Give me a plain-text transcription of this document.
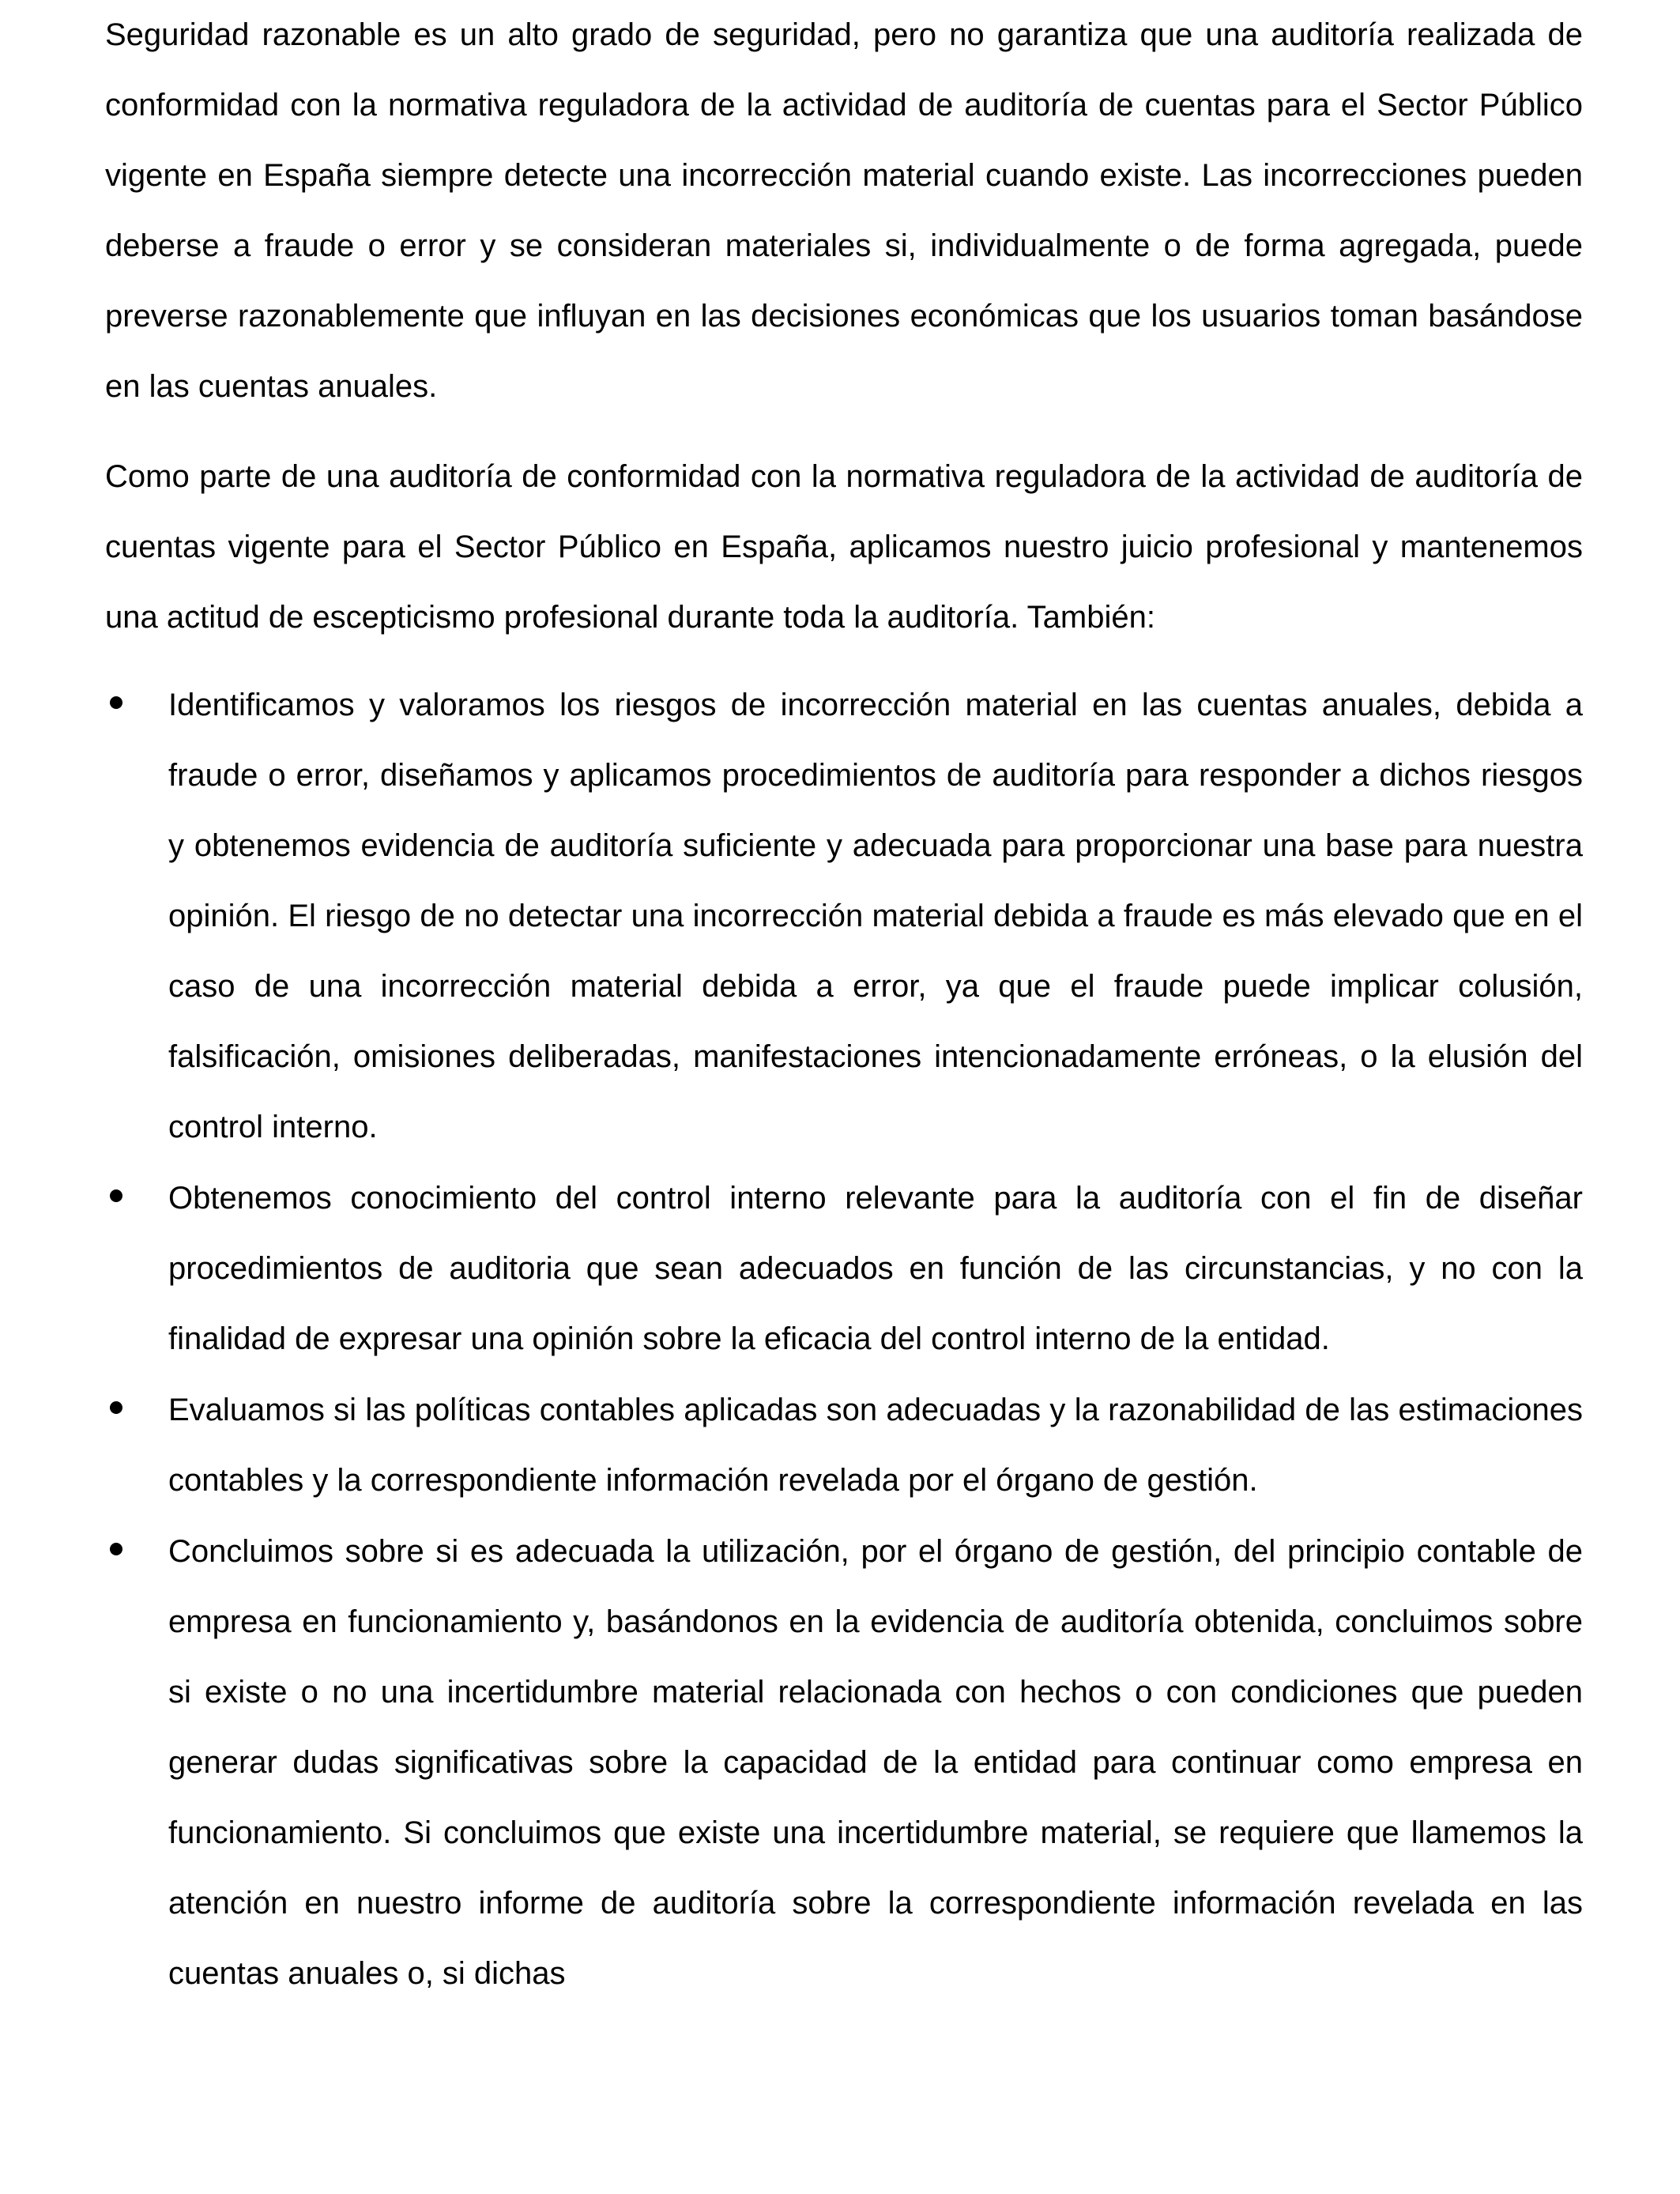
Seguridad razonable es un alto grado de seguridad, pero no garantiza que una auditoría realizada de conformidad con la normativa reguladora de la actividad de auditoría de cuentas para el Sector Público vigente en España siempre detecte una incorrección material cuando existe. Las incorrecciones pueden deberse a fraude o error y se consideran materiales si, individualmente o de forma agregada, puede preverse razonablemente que influyan en las decisiones económicas que los usuarios toman basándose en las cuentas anuales.

Como parte de una auditoría de conformidad con la normativa reguladora de la actividad de auditoría de cuentas vigente para el Sector Público en España, aplicamos nuestro juicio profesional y mantenemos una actitud de escepticismo profesional durante toda la auditoría. También:

Identificamos y valoramos los riesgos de incorrección material en las cuentas anuales, debida a fraude o error, diseñamos y aplicamos procedimientos de auditoría para responder a dichos riesgos y obtenemos evidencia de auditoría suficiente y adecuada para proporcionar una base para nuestra opinión. El riesgo de no detectar una incorrección material debida a fraude es más elevado que en el caso de una incorrección material debida a error, ya que el fraude puede implicar colusión, falsificación, omisiones deliberadas, manifestaciones intencionadamente erróneas, o la elusión del control interno.
Obtenemos conocimiento del control interno relevante para la auditoría con el fin de diseñar procedimientos de auditoria que sean adecuados en función de las circunstancias, y no con la finalidad de expresar una opinión sobre la eficacia del control interno de la entidad.
Evaluamos si las políticas contables aplicadas son adecuadas y la razonabilidad de las estimaciones contables y la correspondiente información revelada por el órgano de gestión.
Concluimos sobre si es adecuada la utilización, por el órgano de gestión, del principio contable de empresa en funcionamiento y, basándonos en la evidencia de auditoría obtenida, concluimos sobre si existe o no una incertidumbre material relacionada con hechos o con condiciones que pueden generar dudas significativas sobre la capacidad de la entidad para continuar como empresa en funcionamiento. Si concluimos que existe una incertidumbre material, se requiere que llamemos la atención en nuestro informe de auditoría sobre la correspondiente información revelada en las cuentas anuales o, si dichas
